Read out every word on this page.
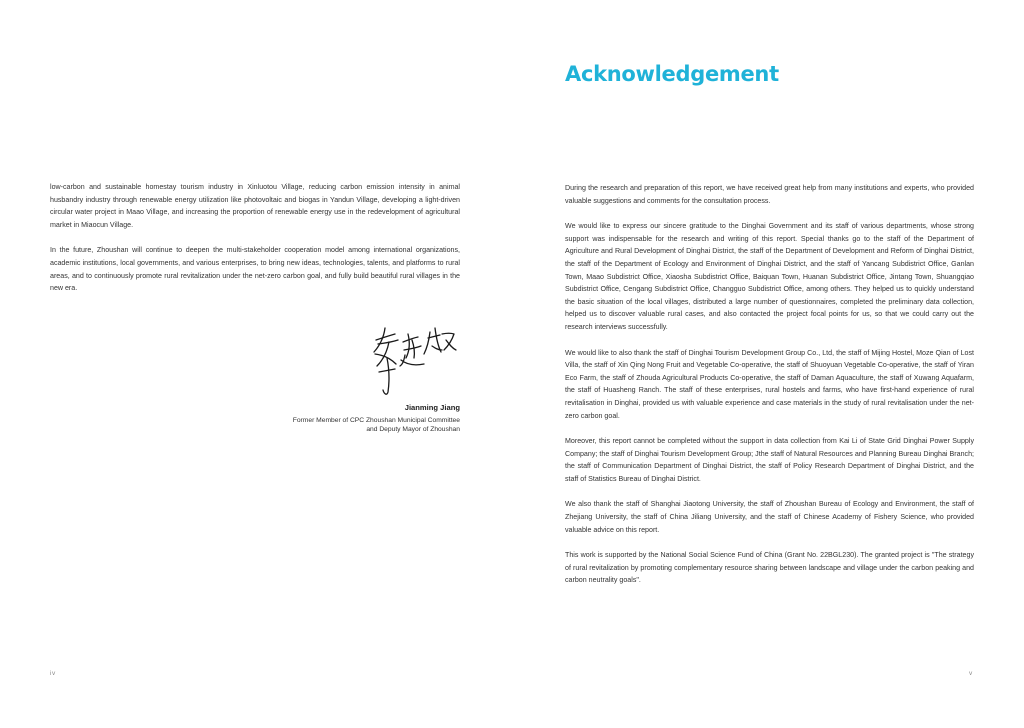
low-carbon and sustainable homestay tourism industry in Xinluotou Village, reducing carbon emission intensity in animal husbandry industry through renewable energy utilization like photovoltaic and biogas in Yandun Village, developing a light-driven circular water project in Maao Village, and increasing the proportion of renewable energy use in the redevelopment of agricultural market in Miaocun Village.

In the future, Zhoushan will continue to deepen the multi-stakeholder cooperation model among international organizations, academic institutions, local governments, and various enterprises, to bring new ideas, technologies, talents, and platforms to rural areas, and to continuously promote rural revitalization under the net-zero carbon goal, and fully build beautiful rural villages in the new era.

Jianming Jiang

Former Member of CPC Zhoushan Municipal Committee
and Deputy Mayor of Zhoushan

iv
Acknowledgement

During the research and preparation of this report, we have received great help from many institutions and experts, who provided valuable suggestions and comments for the consultation process.

We would like to express our sincere gratitude to the Dinghai Government and its staff of various departments, whose strong support was indispensable for the research and writing of this report. Special thanks go to the staff of the Department of Agriculture and Rural Development of Dinghai District, the staff of the Department of Development and Reform of Dinghai District, the staff of the Department of Ecology and Environment of Dinghai District, and the staff of Yancang Subdistrict Office, Ganlan Town, Maao Subdistrict Office, Xiaosha Subdistrict Office, Baiquan Town, Huanan Subdistrict Office, Jintang Town, Shuangqiao Subdistrict Office, Cengang Subdistrict Office, Changguo Subdistrict Office, among others. They helped us to quickly understand the basic situation of the local villages, distributed a large number of questionnaires, completed the preliminary data collection, helped us to discover valuable rural cases, and also contacted the project focal points for us, so that we could carry out the research interviews successfully.

We would like to also thank the staff of Dinghai Tourism Development Group Co., Ltd, the staff of Mijing Hostel, Moze Qian of Lost Villa, the staff of Xin Qing Nong Fruit and Vegetable Co-operative, the staff of Shuoyuan Vegetable Co-operative, the staff of Yiran Eco Farm, the staff of Zhouda Agricultural Products Co-operative, the staff of Daman Aquaculture, the staff of Xuwang Aquafarm, the staff of Huasheng Ranch. The staff of these enterprises, rural hostels and farms, who have first-hand experience of rural revitalisation in Dinghai, provided us with valuable experience and case materials in the study of rural revitalisation under the net-zero carbon goal.

Moreover, this report cannot be completed without the support in data collection from Kai Li of State Grid Dinghai Power Supply Company; the staff of Dinghai Tourism Development Group; Jthe staff of Natural Resources and Planning Bureau Dinghai Branch; the staff of Communication Department of Dinghai District, the staff of Policy Research Department of Dinghai District, and the staff of Statistics Bureau of Dinghai District.

We also thank the staff of Shanghai Jiaotong University, the staff of Zhoushan Bureau of Ecology and Environment, the staff of Zhejiang University, the staff of China Jiliang University, and the staff of Chinese Academy of Fishery Science, who provided valuable advice on this report.

This work is supported by the National Social Science Fund of China (Grant No. 22BGL230). The granted project is "The strategy of rural revitalization by promoting complementary resource sharing between landscape and village under the carbon peaking and carbon neutrality goals".

v
